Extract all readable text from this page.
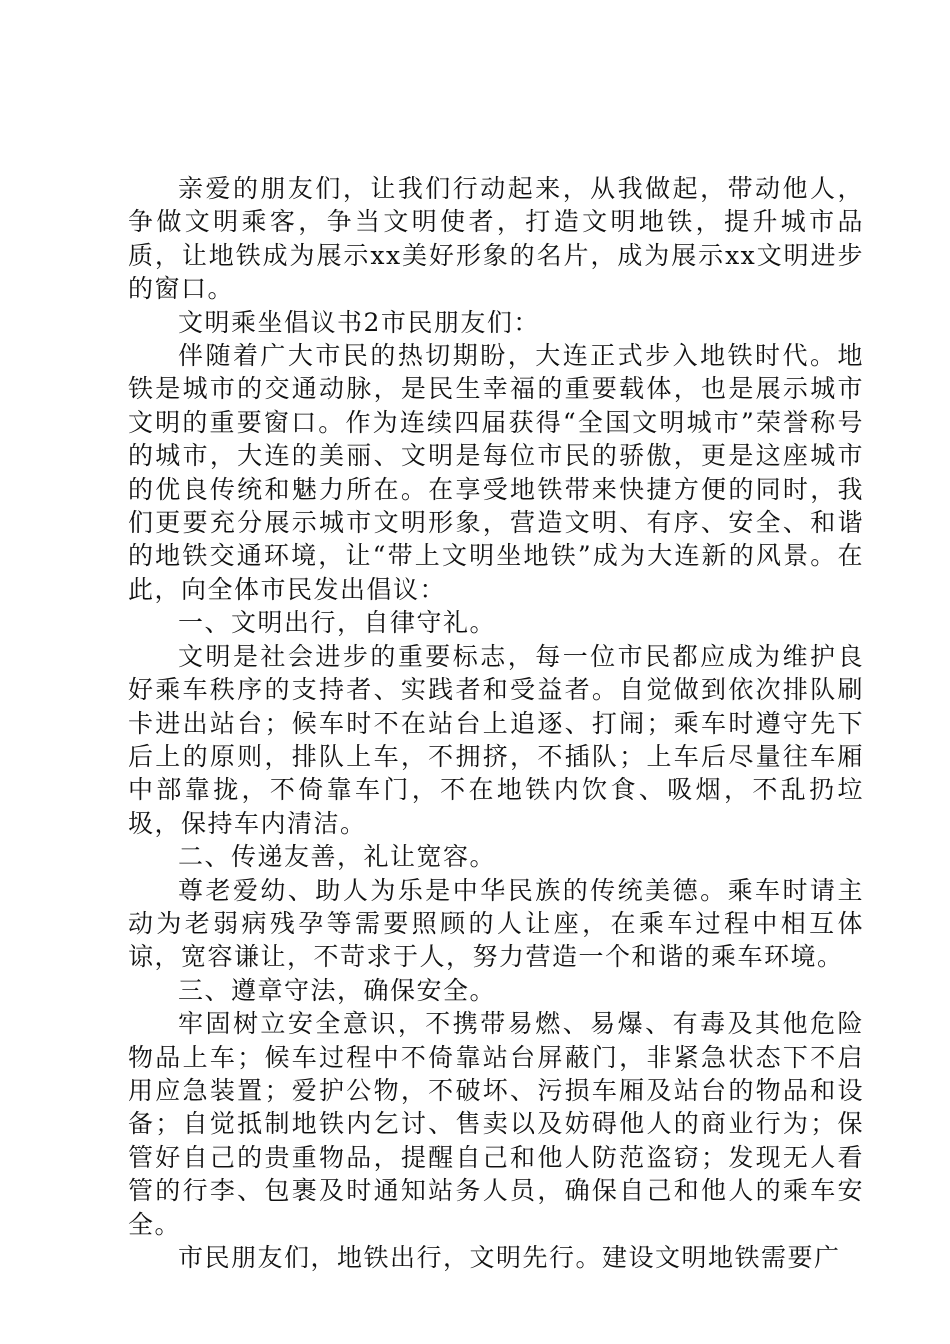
亲爱的朋友们，让我们行动起来，从我做起，带动他人，争做文明乘客，争当文明使者，打造文明地铁，提升城市品质，让地铁成为展示xx美好形象的名片，成为展示xx文明进步的窗口。

文明乘坐倡议书2市民朋友们：

伴随着广大市民的热切期盼，大连正式步入地铁时代。地铁是城市的交通动脉，是民生幸福的重要载体，也是展示城市文明的重要窗口。作为连续四届获得“全国文明城市”荣誉称号的城市，大连的美丽、文明是每位市民的骄傲，更是这座城市的优良传统和魅力所在。在享受地铁带来快捷方便的同时，我们更要充分展示城市文明形象，营造文明、有序、安全、和谐的地铁交通环境，让“带上文明坐地铁”成为大连新的风景。在此，向全体市民发出倡议：

一、文明出行，自律守礼。

文明是社会进步的重要标志，每一位市民都应成为维护良好乘车秩序的支持者、实践者和受益者。自觉做到依次排队刷卡进出站台；候车时不在站台上追逐、打闹；乘车时遵守先下后上的原则，排队上车，不拥挤，不插队；上车后尽量往车厢中部靠拢，不倚靠车门，不在地铁内饮食、吸烟，不乱扔垃圾，保持车内清洁。

二、传递友善，礼让宽容。

尊老爱幼、助人为乐是中华民族的传统美德。乘车时请主动为老弱病残孕等需要照顾的人让座，在乘车过程中相互体谅，宽容谦让，不苛求于人，努力营造一个和谐的乘车环境。

三、遵章守法，确保安全。

牢固树立安全意识，不携带易燃、易爆、有毒及其他危险物品上车；候车过程中不倚靠站台屏蔽门，非紧急状态下不启用应急装置；爱护公物，不破坏、污损车厢及站台的物品和设备；自觉抵制地铁内乞讨、售卖以及妨碍他人的商业行为；保管好自己的贵重物品，提醒自己和他人防范盗窃；发现无人看管的行李、包裹及时通知站务人员，确保自己和他人的乘车安全。

市民朋友们，地铁出行，文明先行。建设文明地铁需要广
